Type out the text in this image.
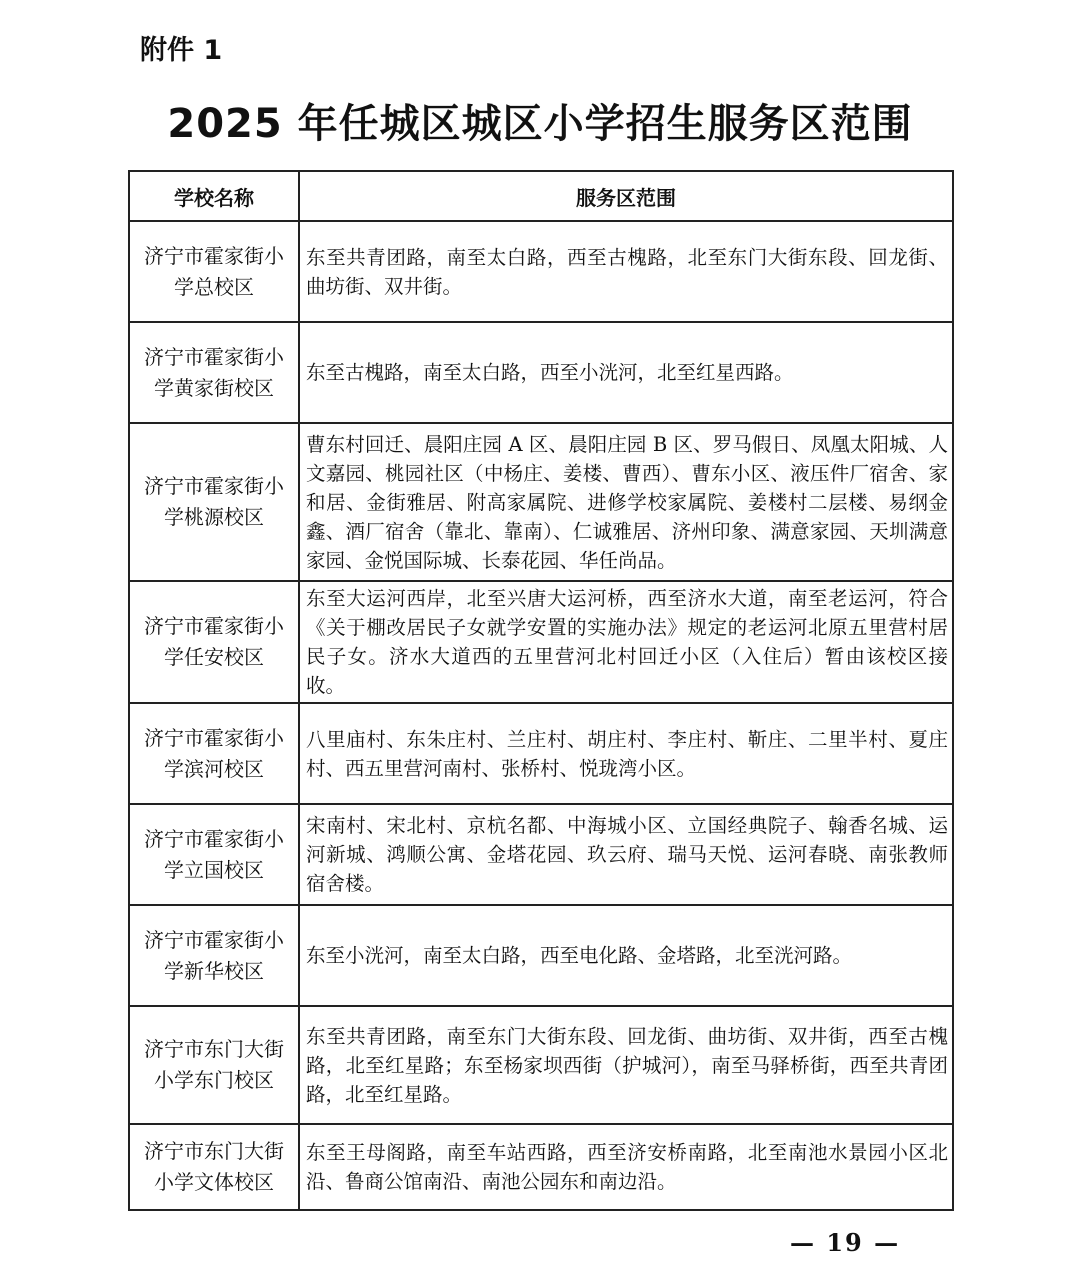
附件 1
2025 年任城区城区小学招生服务区范围
学校名称	服务区范围
济宁市霍家街小学总校区	东至共青团路，南至太白路，西至古槐路，北至东门大街东段、回龙街、曲坊街、双井街。
济宁市霍家街小学黄家街校区	东至古槐路，南至太白路，西至小洸河，北至红星西路。
济宁市霍家街小学桃源校区	曹东村回迁、晨阳庄园 A 区、晨阳庄园 B 区、罗马假日、凤凰太阳城、人文嘉园、桃园社区（中杨庄、姜楼、曹西）、曹东小区、液压件厂宿舍、家和居、金街雅居、附高家属院、进修学校家属院、姜楼村二层楼、易纲金鑫、酒厂宿舍（靠北、靠南）、仁诚雅居、济州印象、满意家园、天圳满意家园、金悦国际城、长泰花园、华任尚品。
济宁市霍家街小学任安校区	东至大运河西岸，北至兴唐大运河桥，西至济水大道，南至老运河，符合《关于棚改居民子女就学安置的实施办法》规定的老运河北原五里营村居民子女。济水大道西的五里营河北村回迁小区（入住后）暂由该校区接收。
济宁市霍家街小学滨河校区	八里庙村、东朱庄村、兰庄村、胡庄村、李庄村、靳庄、二里半村、夏庄村、西五里营河南村、张桥村、悦珑湾小区。
济宁市霍家街小学立国校区	宋南村、宋北村、京杭名都、中海城小区、立国经典院子、翰香名城、运河新城、鸿顺公寓、金塔花园、玖云府、瑞马天悦、运河春晓、南张教师宿舍楼。
济宁市霍家街小学新华校区	东至小洸河，南至太白路，西至电化路、金塔路，北至洸河路。
济宁市东门大街小学东门校区	东至共青团路，南至东门大街东段、回龙街、曲坊街、双井街，西至古槐路，北至红星路；东至杨家坝西街（护城河），南至马驿桥街，西至共青团路，北至红星路。
济宁市东门大街小学文体校区	东至王母阁路，南至车站西路，西至济安桥南路，北至南池水景园小区北沿、鲁商公馆南沿、南池公园东和南边沿。
— 19 —
